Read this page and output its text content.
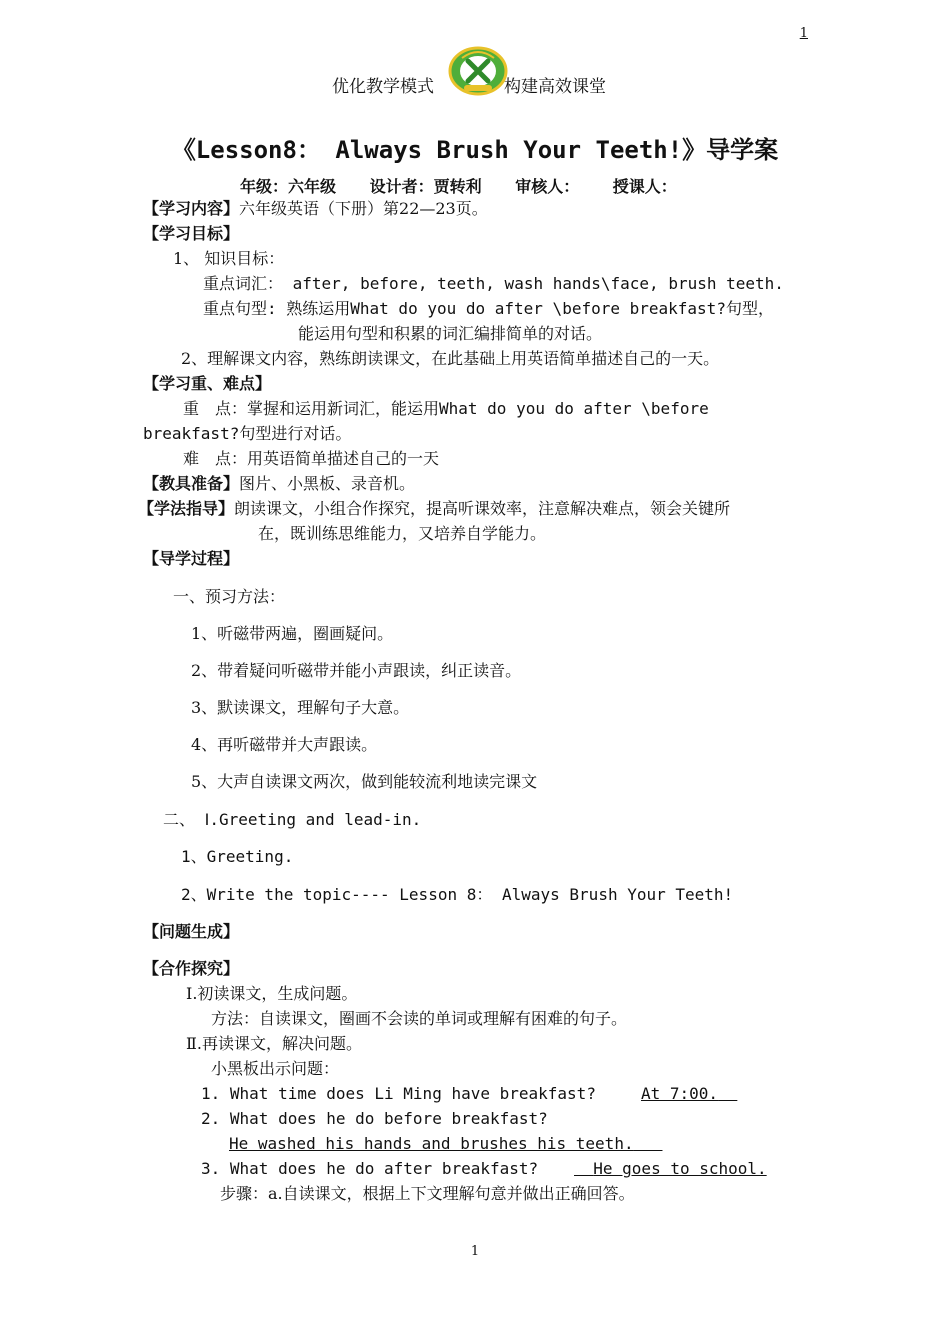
1
优化教学模式	构建高效课堂
《Lesson8： Always Brush Your Teeth!》导学案
年级：六年级 设计者：贾转利 审核人： 授课人：
【学习内容】六年级英语（下册）第22—23页。
【学习目标】
1、 知识目标：
重点词汇： after, before, teeth, wash hands\face, brush teeth.
重点句型: 熟练运用What do you do after \before breakfast?句型，
能运用句型和积累的词汇编排简单的对话。
2、理解课文内容，熟练朗读课文，在此基础上用英语简单描述自己的一天。
【学习重、难点】
重　点：掌握和运用新词汇，能运用What do you do after \before
breakfast?句型进行对话。
难　点：用英语简单描述自己的一天
【教具准备】图片、小黑板、录音机。
【学法指导】朗读课文，小组合作探究，提高听课效率，注意解决难点，领会关键所
在，既训练思维能力，又培养自学能力。
【导学过程】
一、预习方法：
1、听磁带两遍，圈画疑问。
2、带着疑问听磁带并能小声跟读，纠正读音。
3、默读课文，理解句子大意。
4、再听磁带并大声跟读。
5、大声自读课文两次，做到能较流利地读完课文
二、 Ⅰ.Greeting and lead-in.
1、Greeting.
2、Write the topic---- Lesson 8： Always Brush Your Teeth!
【问题生成】
【合作探究】
Ⅰ.初读课文，生成问题。
方法：自读课文，圈画不会读的单词或理解有困难的句子。
Ⅱ.再读课文，解决问题。
小黑板出示问题：
1. What time does Li Ming have breakfast?	At 7:00.
2. What does he do before breakfast?
He washed his hands and brushes his teeth.
3. What does he do after breakfast?	He goes to school.
步骤：a.自读课文，根据上下文理解句意并做出正确回答。
1
